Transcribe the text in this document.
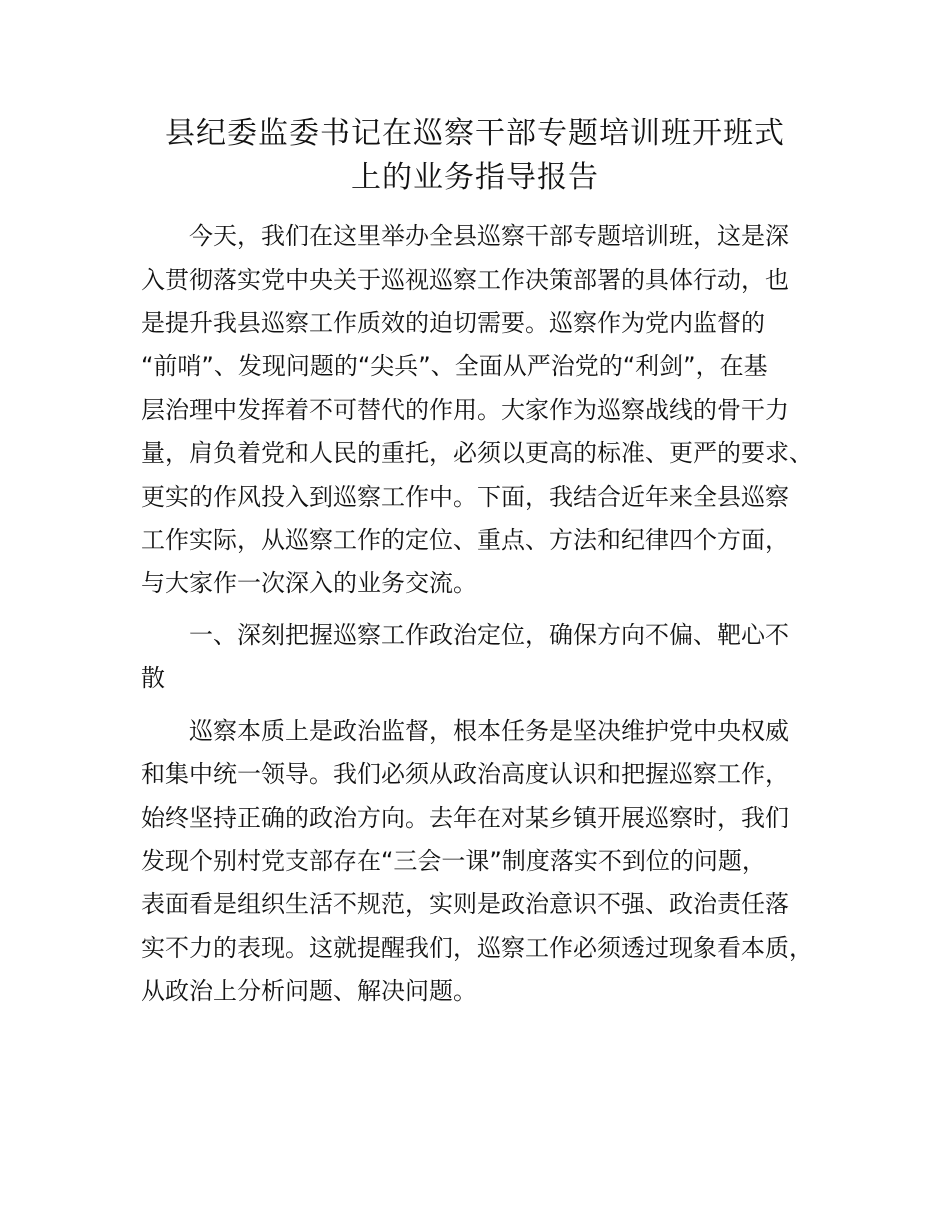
县纪委监委书记在巡察干部专题培训班开班式
上的业务指导报告

今天，我们在这里举办全县巡察干部专题培训班，这是深

入贯彻落实党中央关于巡视巡察工作决策部署的具体行动，也

是提升我县巡察工作质效的迫切需要。巡察作为党内监督的

“前哨”、发现问题的“尖兵”、全面从严治党的“利剑”，在基

层治理中发挥着不可替代的作用。大家作为巡察战线的骨干力

量，肩负着党和人民的重托，必须以更高的标准、更严的要求、

更实的作风投入到巡察工作中。下面，我结合近年来全县巡察

工作实际，从巡察工作的定位、重点、方法和纪律四个方面，

与大家作一次深入的业务交流。

一、深刻把握巡察工作政治定位，确保方向不偏、靶心不

散

巡察本质上是政治监督，根本任务是坚决维护党中央权威

和集中统一领导。我们必须从政治高度认识和把握巡察工作，

始终坚持正确的政治方向。去年在对某乡镇开展巡察时，我们

发现个别村党支部存在“三会一课”制度落实不到位的问题，

表面看是组织生活不规范，实则是政治意识不强、政治责任落

实不力的表现。这就提醒我们，巡察工作必须透过现象看本质，

从政治上分析问题、解决问题。
